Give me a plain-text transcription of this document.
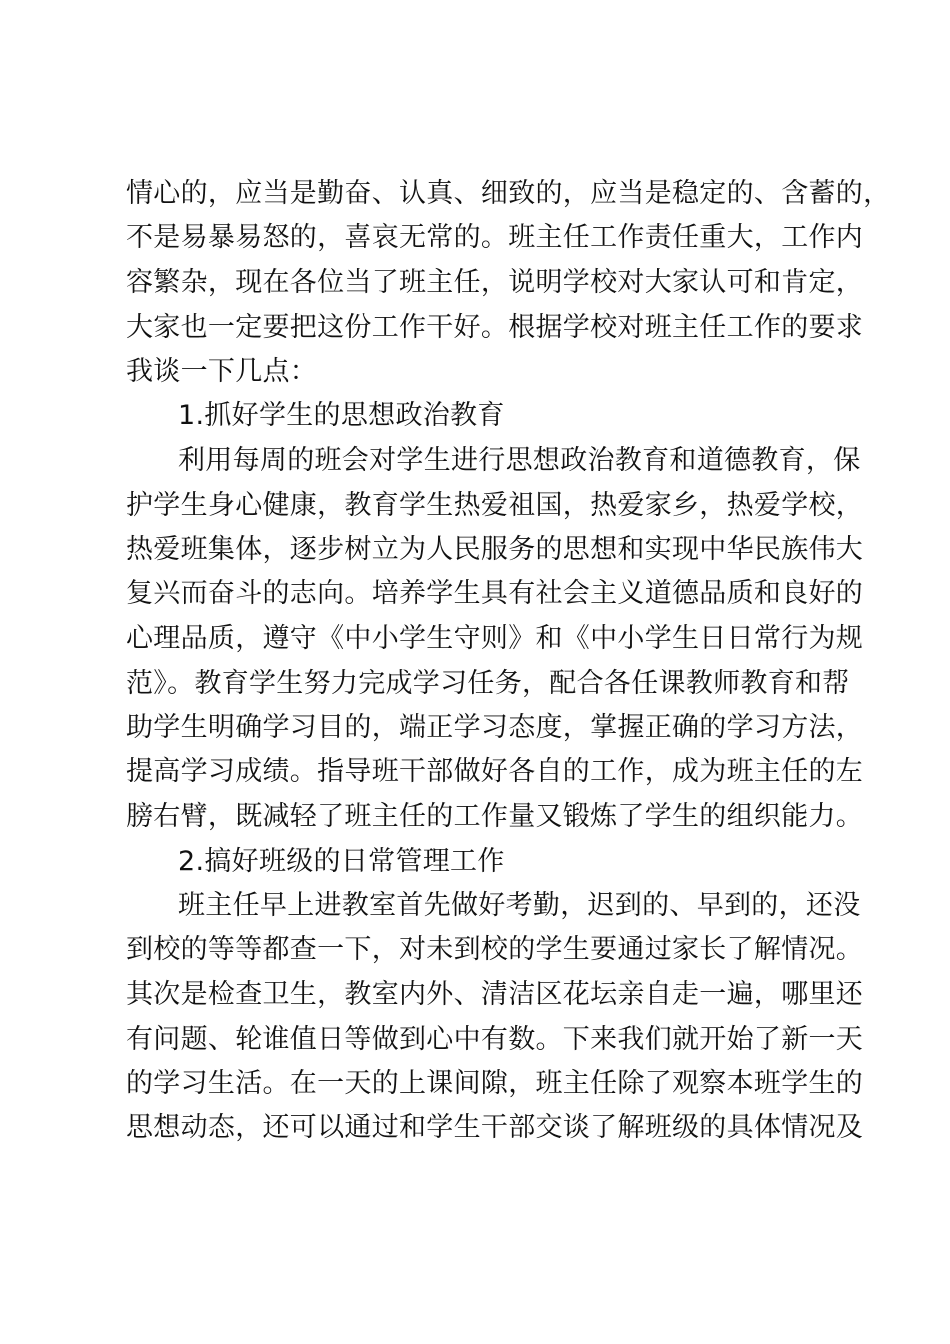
情心的，应当是勤奋、认真、细致的，应当是稳定的、含蓄的，
不是易暴易怒的，喜哀无常的。班主任工作责任重大，工作内
容繁杂，现在各位当了班主任，说明学校对大家认可和肯定，
大家也一定要把这份工作干好。根据学校对班主任工作的要求
我谈一下几点：
1.抓好学生的思想政治教育
利用每周的班会对学生进行思想政治教育和道德教育，保
护学生身心健康，教育学生热爱祖国，热爱家乡，热爱学校，
热爱班集体，逐步树立为人民服务的思想和实现中华民族伟大
复兴而奋斗的志向。培养学生具有社会主义道德品质和良好的
心理品质，遵守《中小学生守则》和《中小学生日日常行为规
范》。教育学生努力完成学习任务，配合各任课教师教育和帮
助学生明确学习目的，端正学习态度，掌握正确的学习方法，
提高学习成绩。指导班干部做好各自的工作，成为班主任的左
膀右臂，既减轻了班主任的工作量又锻炼了学生的组织能力。
2.搞好班级的日常管理工作
班主任早上进教室首先做好考勤，迟到的、早到的，还没
到校的等等都查一下，对未到校的学生要通过家长了解情况。
其次是检查卫生，教室内外、清洁区花坛亲自走一遍，哪里还
有问题、轮谁值日等做到心中有数。下来我们就开始了新一天
的学习生活。在一天的上课间隙，班主任除了观察本班学生的
思想动态，还可以通过和学生干部交谈了解班级的具体情况及
